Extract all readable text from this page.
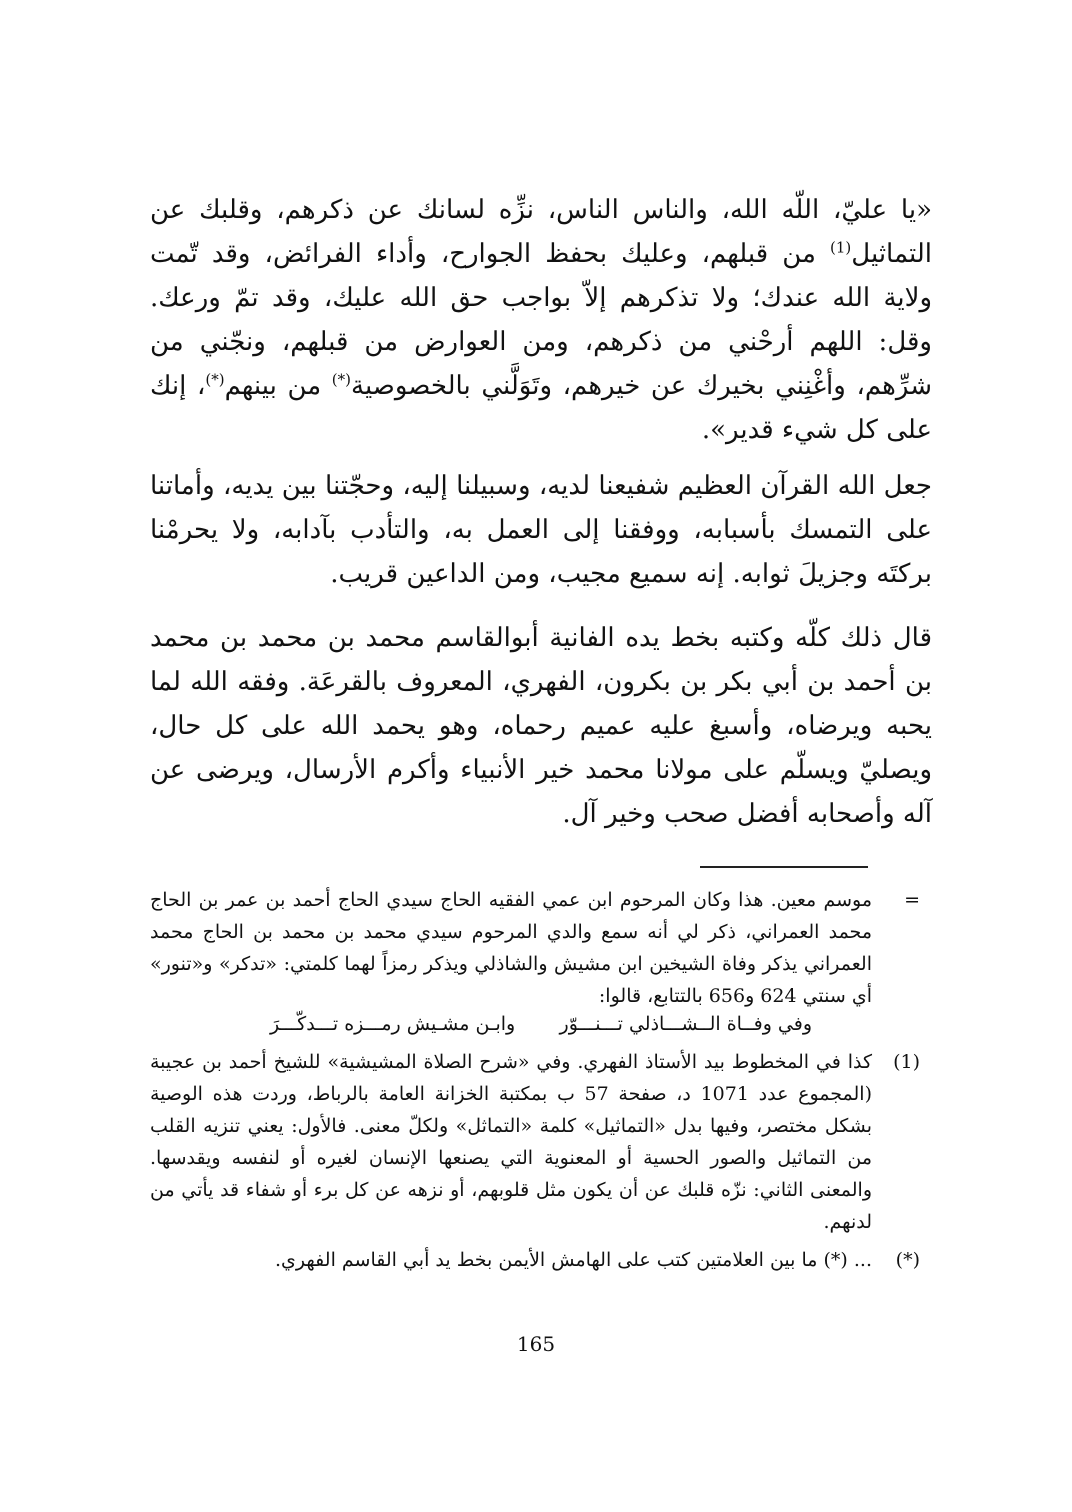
«يا عليّ، اللّه الله، والناس الناس، نزِّه لسانك عن ذكرهم، وقلبك عن التماثيل$^{(1)}$ من قبلهم، وعليك بحفظ الجوارح، وأداء الفرائض، وقد تّمت ولاية الله عندك؛ ولا تذكرهم إلاّ بواجب حق الله عليك، وقد تمّ ورعك. وقل: اللهم أرحْني من ذكرهم، ومن العوارض من قبلهم، ونجّني من شرِّهم، وأغْنِني بخيرك عن خيرهم، وتَوَلَّني بالخصوصية(*) من بينهم(*)، إنك على كل شيء قدير».

جعل الله القرآن العظيم شفيعنا لديه، وسبيلنا إليه، وحجّتنا بين يديه، وأماتنا على التمسك بأسبابه، ووفقنا إلى العمل به، والتأدب بآدابه، ولا يحرمْنا بركتَه وجزيلَ ثوابه. إنه سميع مجيب، ومن الداعين قريب.

قال ذلك كلّه وكتبه بخط يده الفانية أبوالقاسم محمد بن محمد بن محمد بن أحمد بن أبي بكر بن بكرون، الفهري، المعروف بالقرعَة. وفقه الله لما يحبه ويرضاه، وأسبغ عليه عميم رحماه، وهو يحمد الله على كل حال، ويصليّ ويسلّم على مولانا محمد خير الأنبياء وأكرم الأرسال، ويرضى عن آله وأصحابه أفضل صحب وخير آل.

=
موسم معين. هذا وكان المرحوم ابن عمي الفقيه الحاج سيدي الحاج أحمد بن عمر بن الحاج محمد العمراني، ذكر لي أنه سمع والدي المرحوم سيدي محمد بن محمد بن الحاج محمد العمراني يذكر وفاة الشيخين ابن مشيش والشاذلي ويذكر رمزاً لهما كلمتي: «تدكر» و«تنور» أي سنتي 624 و656 بالتتابع، قالوا:
وفي وفــاة الــشـــاذلي تـــنـــوّر
وابـن مشـيش رمـــزه تـــدكّـــرَ
(1)
كذا في المخطوط بيد الأستاذ الفهري. وفي «شرح الصلاة المشيشية» للشيخ أحمد بن عجيبة (المجموع عدد 1071 د، صفحة 57 ب بمكتبة الخزانة العامة بالرباط، وردت هذه الوصية بشكل مختصر، وفيها بدل «التماثيل» كلمة «التماثل» ولكلّ معنى. فالأول: يعني تنزيه القلب من التماثيل والصور الحسية أو المعنوية التي يصنعها الإنسان لغيره أو لنفسه ويقدسها. والمعنى الثاني: نزّه قلبك عن أن يكون مثل قلوبهم، أو نزهه عن كل برء أو شفاء قد يأتي من لدنهم.
(*)
... (*) ما بين العلامتين كتب على الهامش الأيمن بخط يد أبي القاسم الفهري.
165
